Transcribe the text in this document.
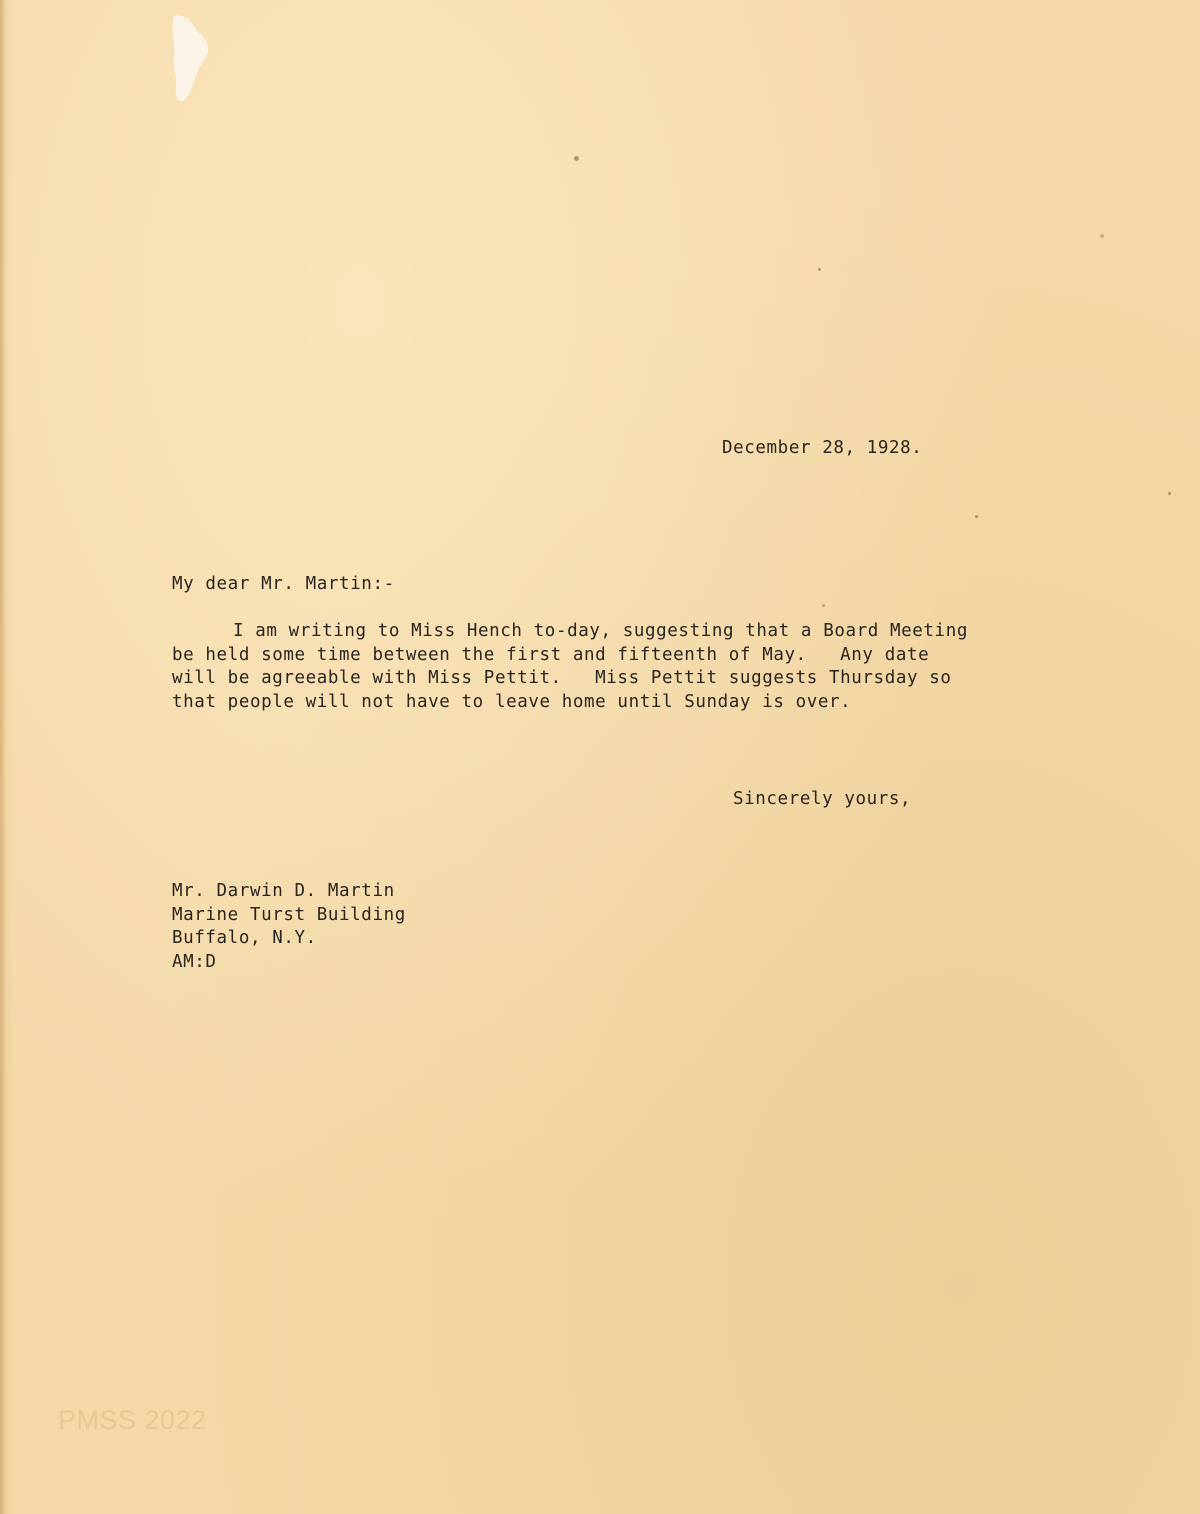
December 28, 1928.
My dear Mr. Martin:-
I am writing to Miss Hench to-day, suggesting that a Board Meeting
be held some time between the first and fifteenth of May.   Any date
will be agreeable with Miss Pettit.   Miss Pettit suggests Thursday so
that people will not have to leave home until Sunday is over.
Sincerely yours,
Mr. Darwin D. Martin
Marine Turst Building
Buffalo, N.Y.
AM:D
PMSS 2022
